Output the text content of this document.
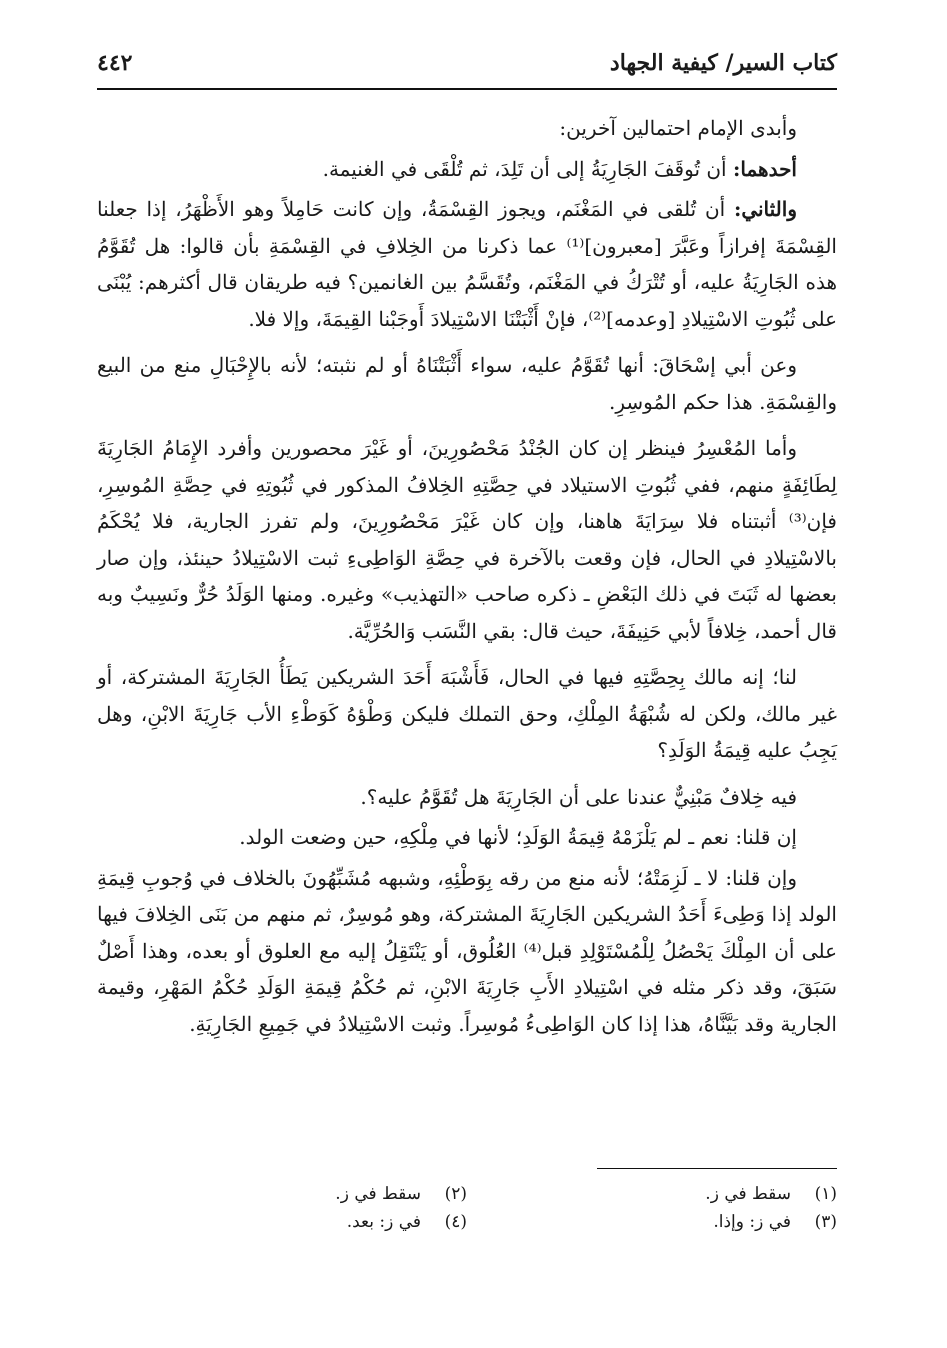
كتاب السير/ كيفية الجهاد
٤٤٢

وأبدى الإمام احتمالين آخرين:

أحدهما: أن تُوقَفَ الجَارِيَةُ إلى أن تَلِدَ، ثم تُلْقَى في الغنيمة.

والثاني: أن تُلقى في المَغْنَم، ويجوز القِسْمَةُ، وإن كانت حَامِلاً وهو الأَظْهَرُ، إذا جعلنا القِسْمَةَ إفرازاً وعَبَّرَ [معبرون]⁽¹⁾ عما ذكرنا من الخِلافِ في القِسْمَةِ بأن قالوا: هل تُقَوَّمُ هذه الجَارِيَةُ عليه، أو تُتْرَكُ في المَغْنَم، وتُقَسَّمُ بين الغانمين؟ فيه طريقان قال أكثرهم: يُبْنَى على ثُبُوتِ الاسْتِيلادِ [وعدمه]⁽²⁾، فإنْ أَثْبَتْنَا الاسْتِيلادَ أَوجَبْنا القِيمَةَ، وإلا فلا.

وعن أبي إسْحَاقَ: أنها تُقَوَّمُ عليه، سواء أَثْبَتْنَاهُ أو لم نثبته؛ لأنه بالإِحْبَالِ منع من البيع والقِسْمَةِ. هذا حكم المُوسِرِ.

وأما المُعْسِرُ فينظر إن كان الجُنْدُ مَحْصُورِينَ، أو غَيْرَ محصورين وأفرد الإِمَامُ الجَارِيَةَ لِطَائِفَةٍ منهم، ففي ثُبُوتِ الاستيلاد في حِصَّتِهِ الخِلافُ المذكور في ثُبُوتِهِ في حِصَّةِ المُوسِرِ، فإن⁽³⁾ أثبتناه فلا سِرَايَةَ هاهنا، وإن كان غَيْرَ مَحْصُورِينَ، ولم تفرز الجارية، فلا يُحْكَمُ بالاسْتِيلادِ في الحال، فإن وقعت بالآخرة في حِصَّةِ الوَاطِىءِ ثبت الاسْتِيلادُ حينئذ، وإن صار بعضها له ثَبَتَ في ذلك البَعْضِ ـ ذكره صاحب «التهذيب» وغيره. ومنها الوَلَدُ حُرٌّ ونَسِيبٌ وبه قال أحمد، خِلافاً لأبي حَنِيفَةَ، حيث قال: بقي النَّسَب وَالحُرِّيَّة.

لنا؛ إنه مالك بِحِصَّتِهِ فيها في الحال، فَأَشْبَهَ أَحَدَ الشريكين يَطَأُ الجَارِيَةَ المشتركة، أو غير مالك، ولكن له شُبْهَةُ المِلْكِ، وحق التملك فليكن وَطْؤهُ كَوَطْءِ الأب جَارِيَةَ الابْنِ، وهل يَجِبُ عليه قِيمَةُ الوَلَدِ؟

فيه خِلافٌ مَبْنِيٌّ عندنا على أن الجَارِيَةَ هل تُقَوَّمُ عليه؟.

إن قلنا: نعم ـ لم يَلْزَمْهُ قِيمَةُ الوَلَدِ؛ لأنها في مِلْكِهِ، حين وضعت الولد.

وإن قلنا: لا ـ لَزِمَتْهُ؛ لأنه منع من رقه بِوَطْئِهِ، وشبهه مُشَبِّهُونَ بالخلاف في وُجوبِ قِيمَةِ الولد إذا وَطِىءَ أَحَدُ الشريكين الجَارِيَةَ المشتركة، وهو مُوسِرٌ، ثم منهم من بَنَى الخِلافَ فيها على أن المِلْكَ يَحْصُلُ لِلْمُسْتَوْلِدِ قبل⁽⁴⁾ العُلُوق، أو يَنْتَقِلُ إليه مع العلوق أو بعده، وهذا أَصْلٌ سَبَقَ، وقد ذكر مثله في اسْتِيلادِ الأَبِ جَارِيَةَ الابْنِ، ثم حُكْمُ قِيمَةِ الوَلَدِ حُكْمُ المَهْرِ، وقيمة الجارية وقد بَيَّنَّاهُ، هذا إذا كان الوَاطِىءُ مُوسِراً. وثبت الاسْتِيلادُ في جَمِيعِ الجَارِيَةِ.

(١)سقط في ز.
(٢)سقط في ز.
(٣)في ز: وإذا.
(٤)في ز: بعد.
